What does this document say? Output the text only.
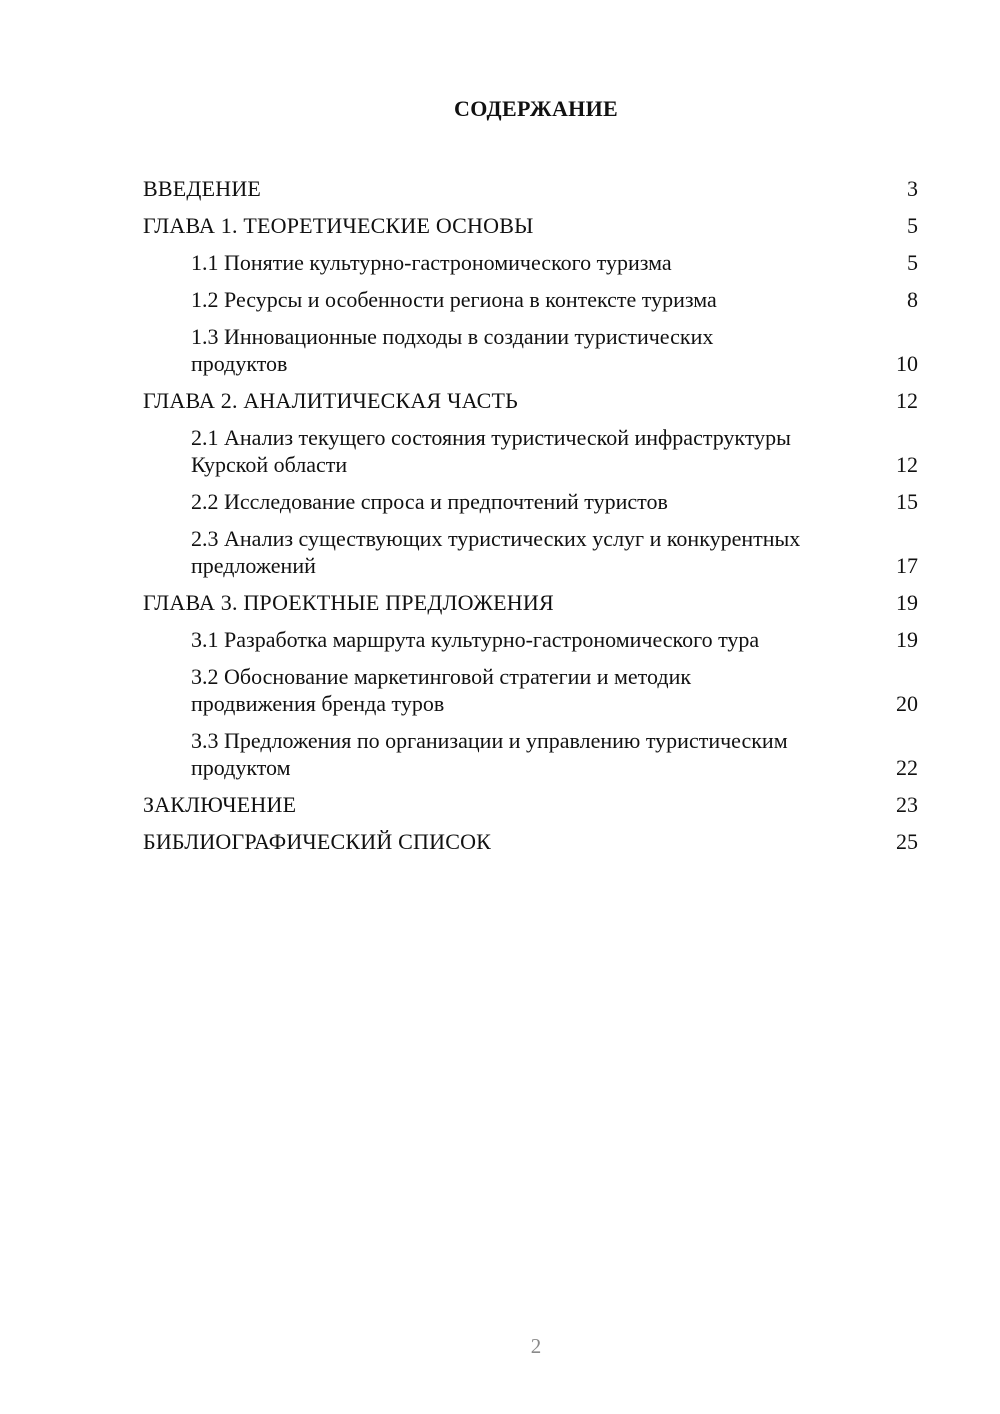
СОДЕРЖАНИЕ
ВВЕДЕНИЕ	3
ГЛАВА 1. ТЕОРЕТИЧЕСКИЕ ОСНОВЫ	5
1.1 Понятие культурно-гастрономического туризма	5
1.2 Ресурсы и особенности региона в контексте туризма	8
1.3 Инновационные подходы в создании туристических продуктов	10
ГЛАВА 2. АНАЛИТИЧЕСКАЯ ЧАСТЬ	12
2.1 Анализ текущего состояния туристической инфраструктуры Курской области	12
2.2 Исследование спроса и предпочтений туристов	15
2.3 Анализ существующих туристических услуг и конкурентных предложений	17
ГЛАВА 3. ПРОЕКТНЫЕ ПРЕДЛОЖЕНИЯ	19
3.1 Разработка маршрута культурно-гастрономического тура	19
3.2 Обоснование маркетинговой стратегии и методик продвижения бренда туров	20
3.3 Предложения по организации и управлению туристическим продуктом	22
ЗАКЛЮЧЕНИЕ	23
БИБЛИОГРАФИЧЕСКИЙ СПИСОК	25
2
